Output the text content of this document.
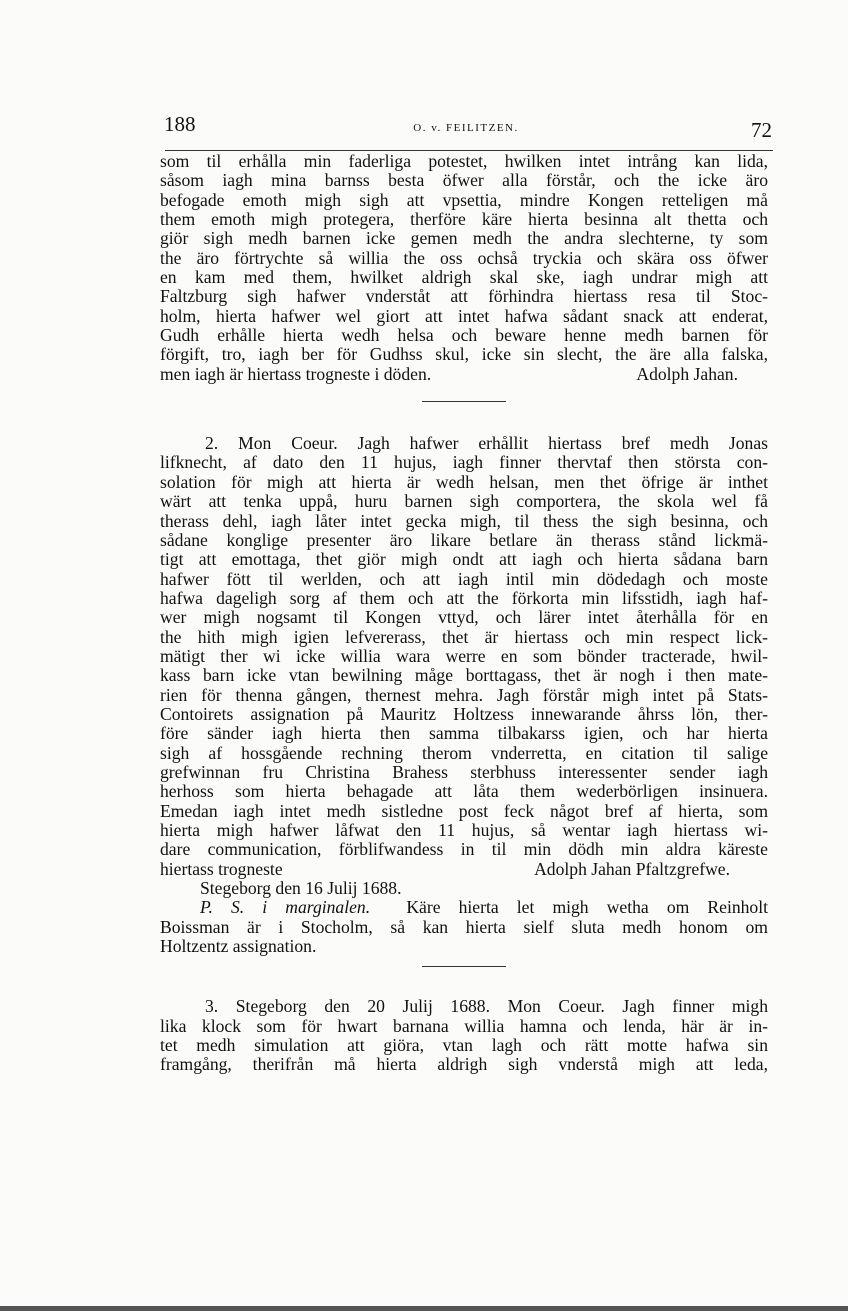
188	O. v. FEILITZEN.	72
som til erhålla min faderliga potestet, hwilken intet intrång kan lida,
såsom iagh mina barnss besta öfwer alla förstår, och the icke äro
befogade emoth migh sigh att vpsettia, mindre Kongen retteligen må
them emoth migh protegera, therföre käre hierta besinna alt thetta och
giör sigh medh barnen icke gemen medh the andra slechterne, ty som
the äro förtrychte så willia the oss ochså tryckia och skära oss öfwer
en kam med them, hwilket aldrigh skal ske, iagh undrar migh att
Faltzburg sigh hafwer vnderståt att förhindra hiertass resa til Stoc-
holm, hierta hafwer wel giort att intet hafwa sådant snack att enderat,
Gudh erhålle hierta wedh helsa och beware henne medh barnen för
förgift, tro, iagh ber för Gudhss skul, icke sin slecht, the äre alla falska,
men iagh är hiertass trogneste i döden.	Adolph Jahan.
2. Mon Coeur. Jagh hafwer erhållit hiertass bref medh Jonas
lifknecht, af dato den 11 hujus, iagh finner thervtaf then största con-
solation för migh att hierta är wedh helsan, men thet öfrige är inthet
wärt att tenka uppå, huru barnen sigh comportera, the skola wel få
therass dehl, iagh låter intet gecka migh, til thess the sigh besinna, och
sådane konglige presenter äro likare betlare än therass stånd lickmä-
tigt att emottaga, thet giör migh ondt att iagh och hierta sådana barn
hafwer fött til werlden, och att iagh intil min dödedagh och moste
hafwa dageligh sorg af them och att the förkorta min lifsstidh, iagh haf-
wer migh nogsamt til Kongen vttyd, och lärer intet återhålla för en
the hith migh igien lefvererass, thet är hiertass och min respect lick-
mätigt ther wi icke willia wara werre en som bönder tracterade, hwil-
kass barn icke vtan bewilning måge borttagass, thet är nogh i then mate-
rien för thenna gången, thernest mehra. Jagh förstår migh intet på Stats-
Contoirets assignation på Mauritz Holtzess innewarande åhrss lön, ther-
före sänder iagh hierta then samma tilbakarss igien, och har hierta
sigh af hossgående rechning therom vnderretta, en citation til salige
grefwinnan fru Christina Brahess sterbhuss interessenter sender iagh
herhoss som hierta behagade att låta them wederbörligen insinuera.
Emedan iagh intet medh sistledne post feck något bref af hierta, som
hierta migh hafwer låfwat den 11 hujus, så wentar iagh hiertass wi-
dare communication, förblifwandess in til min dödh min aldra käreste
hiertass trogneste	Adolph Jahan Pfaltzgrefwe.
Stegeborg den 16 Julij 1688.
P. S. i marginalen. Käre hierta let migh wetha om Reinholt
Boissman är i Stocholm, så kan hierta sielf sluta medh honom om
Holtzentz assignation.
3. Stegeborg den 20 Julij 1688. Mon Coeur. Jagh finner migh
lika klock som för hwart barnana willia hamna och lenda, här är in-
tet medh simulation att giöra, vtan lagh och rätt motte hafwa sin
framgång, therifrån må hierta aldrigh sigh vnderstå migh att leda,
